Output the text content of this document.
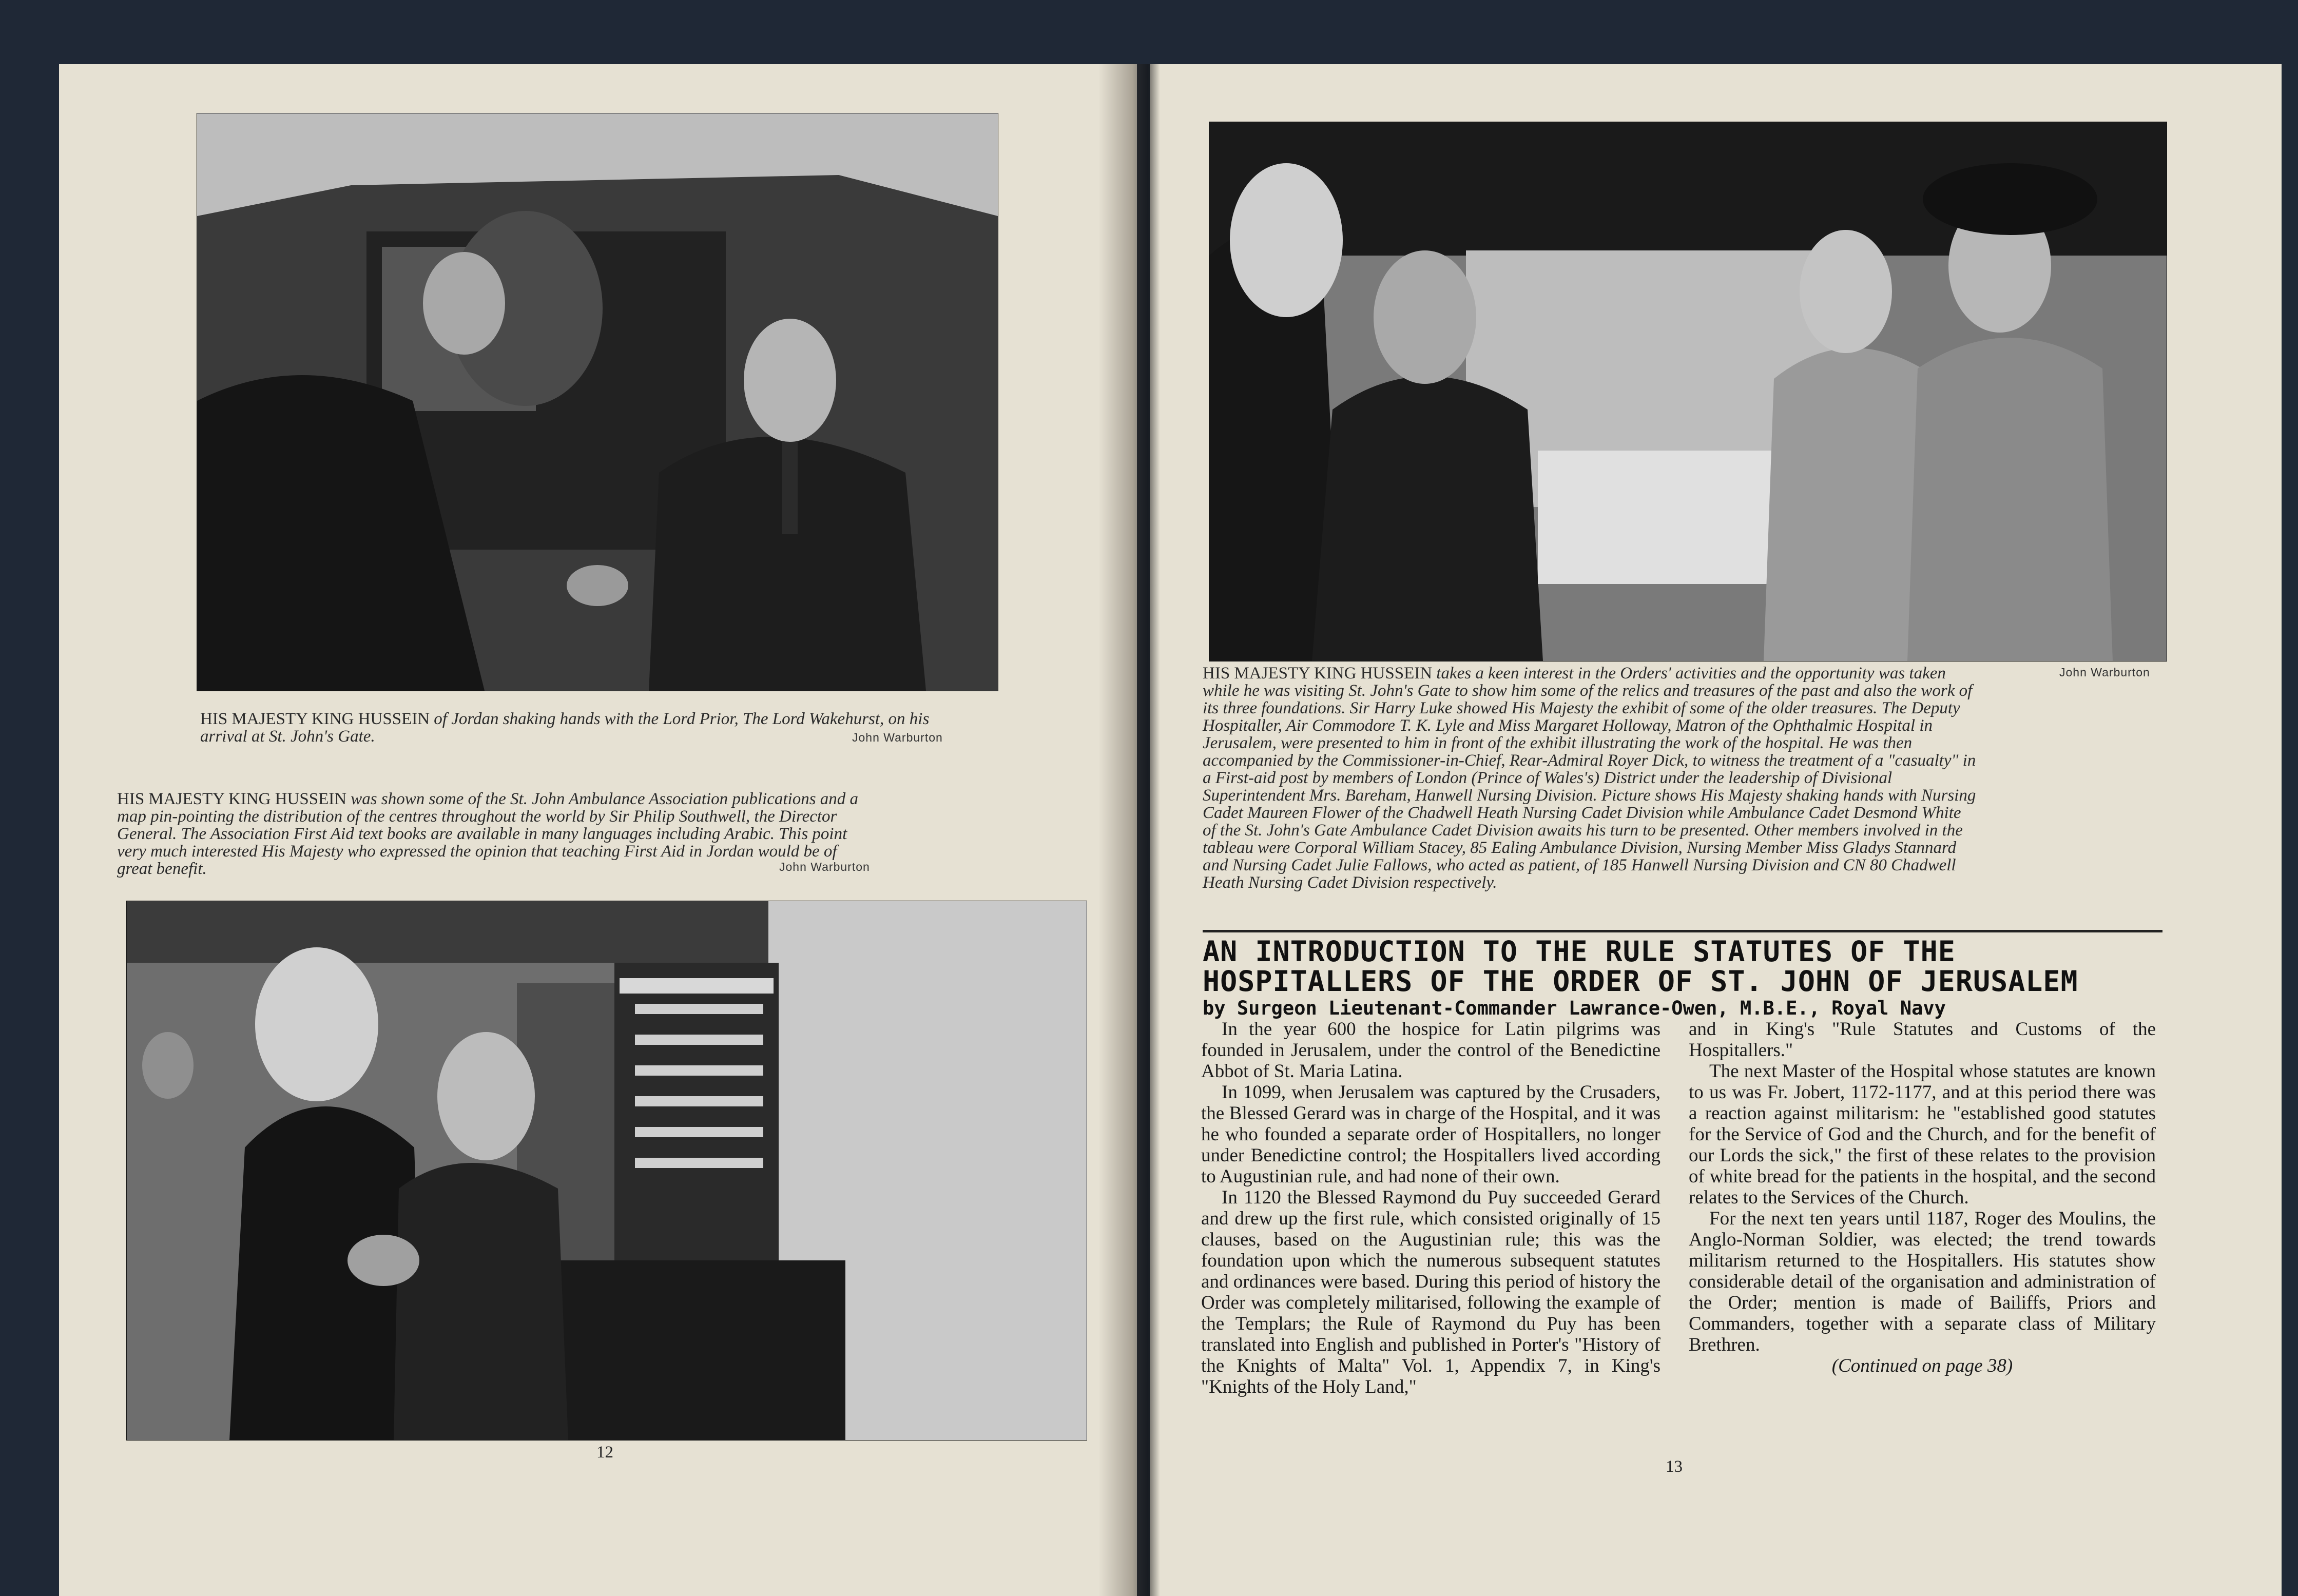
HIS MAJESTY KING HUSSEIN of Jordan shaking hands with the Lord Prior, The Lord Wakehurst, on his arrival at St. John's Gate.	John Warburton
HIS MAJESTY KING HUSSEIN was shown some of the St. John Ambulance Association publications and a map pin-pointing the distribution of the centres throughout the world by Sir Philip Southwell, the Director General. The Association First Aid text books are available in many languages including Arabic. This point very much interested His Majesty who expressed the opinion that teaching First Aid in Jordan would be of great benefit.	John Warburton
12
HIS MAJESTY KING HUSSEIN takes a keen interest in the Orders' activities and the opportunity was taken while he was visiting St. John's Gate to show him some of the relics and treasures of the past and also the work of its three foundations. Sir Harry Luke showed His Majesty the exhibit of some of the older treasures. The Deputy Hospitaller, Air Commodore T. K. Lyle and Miss Margaret Holloway, Matron of the Ophthalmic Hospital in Jerusalem, were presented to him in front of the exhibit illustrating the work of the hospital. He was then accompanied by the Commissioner-in-Chief, Rear-Admiral Royer Dick, to witness the treatment of a "casualty" in a First-aid post by members of London (Prince of Wales's) District under the leadership of Divisional Superintendent Mrs. Bareham, Hanwell Nursing Division. Picture shows His Majesty shaking hands with Nursing Cadet Maureen Flower of the Chadwell Heath Nursing Cadet Division while Ambulance Cadet Desmond White of the St. John's Gate Ambulance Cadet Division awaits his turn to be presented. Other members involved in the tableau were Corporal William Stacey, 85 Ealing Ambulance Division, Nursing Member Miss Gladys Stannard and Nursing Cadet Julie Fallows, who acted as patient, of 185 Hanwell Nursing Division and CN 80 Chadwell Heath Nursing Cadet Division respectively.
John Warburton
AN INTRODUCTION TO THE RULE STATUTES OF THE
HOSPITALLERS OF THE ORDER OF ST. JOHN OF JERUSALEM
by Surgeon Lieutenant-Commander Lawrance-Owen, M.B.E., Royal Navy

In the year 600 the hospice for Latin pilgrims was founded in Jerusalem, under the control of the Benedictine Abbot of St. Maria Latina.

In 1099, when Jerusalem was captured by the Crusaders, the Blessed Gerard was in charge of the Hospital, and it was he who founded a separate order of Hospitallers, no longer under Benedictine control; the Hospitallers lived according to Augustinian rule, and had none of their own.

In 1120 the Blessed Raymond du Puy succeeded Gerard and drew up the first rule, which consisted originally of 15 clauses, based on the Augustinian rule; this was the foundation upon which the numerous subsequent statutes and ordinances were based. During this period of history the Order was completely militarised, following the example of the Templars; the Rule of Raymond du Puy has been translated into English and published in Porter's "History of the Knights of Malta" Vol. 1, Appendix 7, in King's "Knights of the Holy Land,"

and in King's "Rule Statutes and Customs of the Hospitallers."

The next Master of the Hospital whose statutes are known to us was Fr. Jobert, 1172-1177, and at this period there was a reaction against militarism: he "established good statutes for the Service of God and the Church, and for the benefit of our Lords the sick," the first of these relates to the provision of white bread for the patients in the hospital, and the second relates to the Services of the Church.

For the next ten years until 1187, Roger des Moulins, the Anglo-Norman Soldier, was elected; the trend towards militarism returned to the Hospitallers. His statutes show considerable detail of the organisation and administration of the Order; mention is made of Bailiffs, Priors and Commanders, together with a separate class of Military Brethren.

(Continued on page 38)

13
